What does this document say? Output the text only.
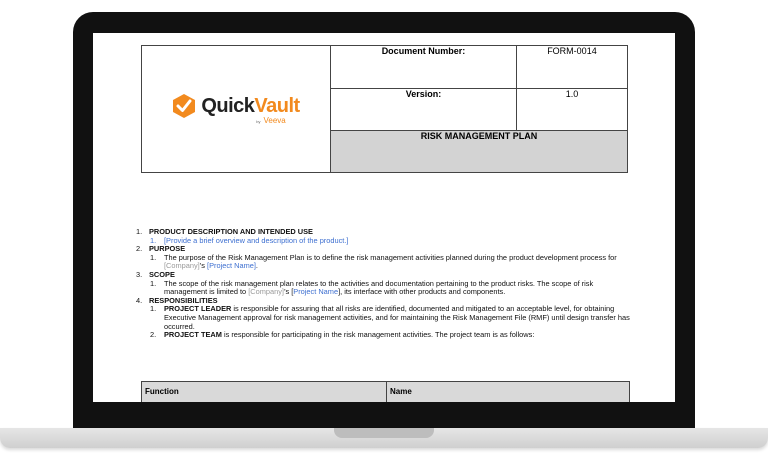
QuickVault
by Veeva	Document Number:	FORM-0014
	Version:	1.0
	RISK MANAGEMENT PLAN	
1. PRODUCT DESCRIPTION AND INTENDED USE
1.	[Provide a brief overview and description of the product.]
2. PURPOSE
1.	The purpose of the Risk Management Plan is to define the risk management activities planned during the product development process for [Company]’s [Project Name].
3. SCOPE
1.	The scope of the risk management plan relates to the activities and documentation pertaining to the product risks. The scope of risk management is limited to [Company]’s [Project Name], its interface with other products and components.
4. RESPONSIBILITIES
1.	PROJECT LEADER is responsible for assuring that all risks are identified, documented and mitigated to an acceptable level, for obtaining Executive Management approval for risk management activities, and for maintaining the Risk Management File (RMF) until design transfer has occurred.
2.	PROJECT TEAM is responsible for participating in the risk management activities. The project team is as follows:
Function	Name
